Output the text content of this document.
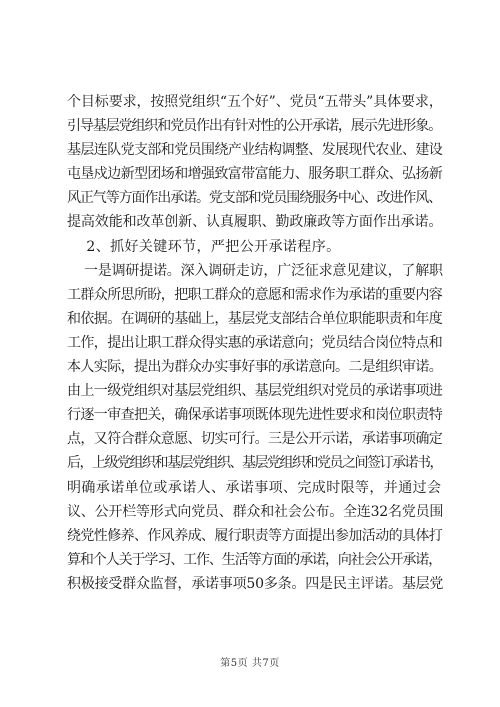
个目标要求，按照党组织“五个好”、党员“五带头”具体要求，
引导基层党组织和党员作出有针对性的公开承诺，展示先进形象。
基层连队党支部和党员围绕产业结构调整、发展现代农业、建设
屯垦戍边新型团场和增强致富带富能力、服务职工群众、弘扬新
风正气等方面作出承诺。党支部和党员围绕服务中心、改进作风、
提高效能和改革创新、认真履职、勤政廉政等方面作出承诺。
2、抓好关键环节，严把公开承诺程序。
一是调研提诺。深入调研走访，广泛征求意见建议，了解职
工群众所思所盼，把职工群众的意愿和需求作为承诺的重要内容
和依据。在调研的基础上，基层党支部结合单位职能职责和年度
工作，提出让职工群众得实惠的承诺意向；党员结合岗位特点和
本人实际，提出为群众办实事好事的承诺意向。二是组织审诺。
由上一级党组织对基层党组织、基层党组织对党员的承诺事项进
行逐一审查把关，确保承诺事项既体现先进性要求和岗位职责特
点，又符合群众意愿、切实可行。三是公开示诺，承诺事项确定
后，上级党组织和基层党组织、基层党组织和党员之间签订承诺书，
明确承诺单位或承诺人、承诺事项、完成时限等，并通过会
议、公开栏等形式向党员、群众和社会公布。全连32名党员围
绕党性修养、作风养成、履行职责等方面提出参加活动的具体打
算和个人关于学习、工作、生活等方面的承诺，向社会公开承诺，
积极接受群众监督，承诺事项50多条。四是民主评诺。基层党
第5页 共7页
